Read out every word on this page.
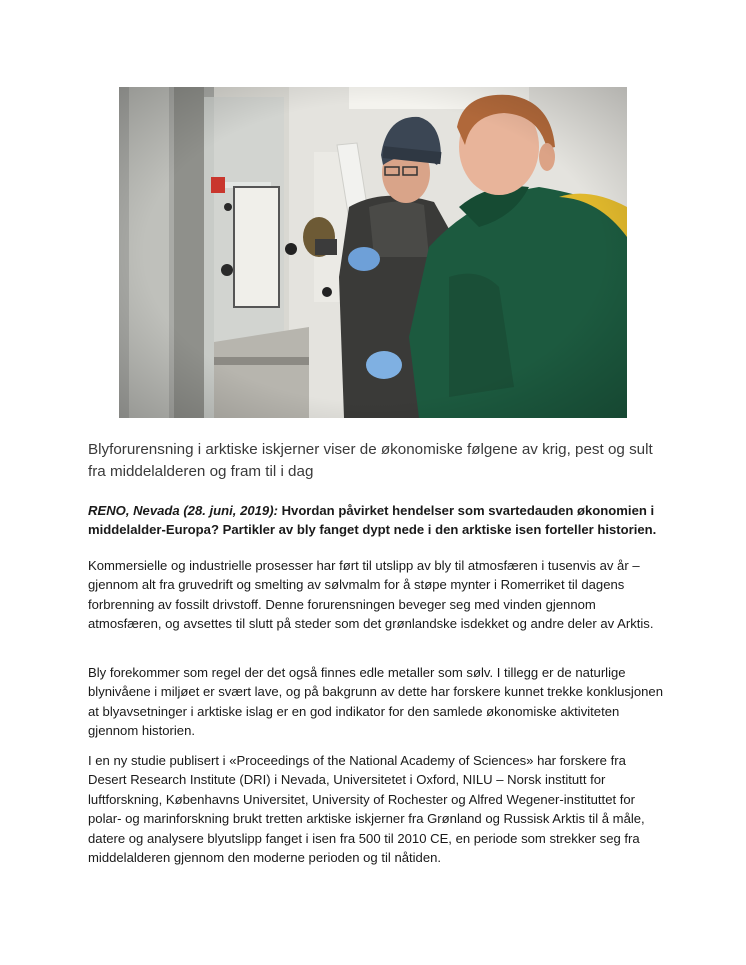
Blyforurensning i arktiske iskjerner viser de økonomiske følgene av krig, pest og sult fra middelalderen og fram til i dag

RENO, Nevada (28. juni, 2019): Hvordan påvirket hendelser som svartedauden økonomien i middelalder-Europa? Partikler av bly fanget dypt nede i den arktiske isen forteller historien.

Kommersielle og industrielle prosesser har ført til utslipp av bly til atmosfæren i tusenvis av år – gjennom alt fra gruvedrift og smelting av sølvmalm for å støpe mynter i Romerriket til dagens forbrenning av fossilt drivstoff. Denne forurensningen beveger seg med vinden gjennom atmosfæren, og avsettes til slutt på steder som det grønlandske isdekket og andre deler av Arktis.

Bly forekommer som regel der det også finnes edle metaller som sølv. I tillegg er de naturlige blynivåene i miljøet er svært lave, og på bakgrunn av dette har forskere kunnet trekke konklusjonen at blyavsetninger i arktiske islag er en god indikator for den samlede økonomiske aktiviteten gjennom historien.

I en ny studie publisert i «Proceedings of the National Academy of Sciences» har forskere fra Desert Research Institute (DRI) i Nevada, Universitetet i Oxford, NILU – Norsk institutt for luftforskning, Københavns Universitet, University of Rochester og Alfred Wegener-instituttet for polar- og marinforskning brukt tretten arktiske iskjerner fra Grønland og Russisk Arktis til å måle, datere og analysere blyutslipp fanget i isen fra 500 til 2010 CE, en periode som strekker seg fra middelalderen gjennom den moderne perioden og til nåtiden.
